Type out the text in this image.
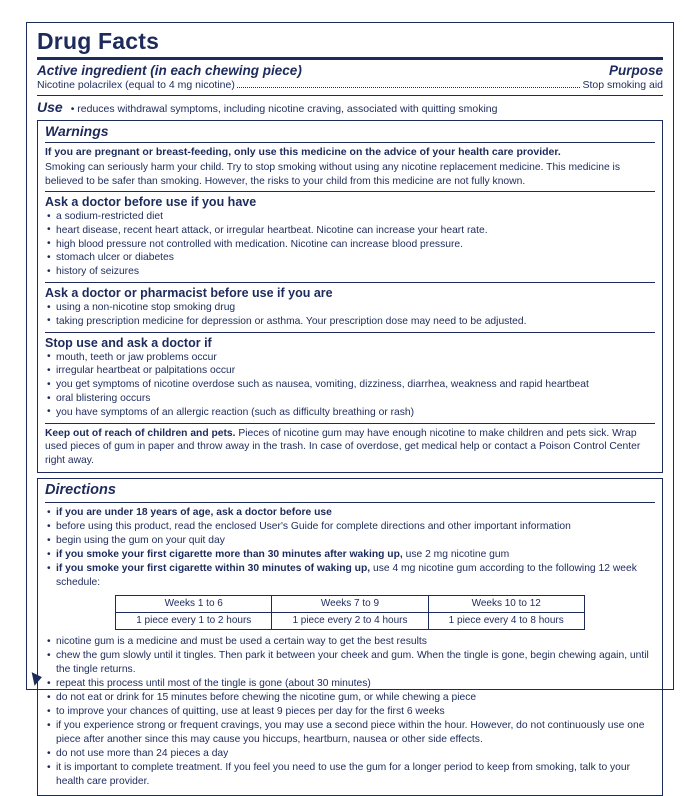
Drug Facts
Active ingredient (in each chewing piece)	Purpose
Nicotine polacrilex (equal to 4 mg nicotine)	Stop smoking aid
Use • reduces withdrawal symptoms, including nicotine craving, associated with quitting smoking
Warnings
If you are pregnant or breast-feeding, only use this medicine on the advice of your health care provider.
Smoking can seriously harm your child. Try to stop smoking without using any nicotine replacement medicine. This medicine is believed to be safer than smoking. However, the risks to your child from this medicine are not fully known.
Ask a doctor before use if you have
• a sodium-restricted diet
• heart disease, recent heart attack, or irregular heartbeat. Nicotine can increase your heart rate.
• high blood pressure not controlled with medication. Nicotine can increase blood pressure.
• stomach ulcer or diabetes
• history of seizures
Ask a doctor or pharmacist before use if you are
• using a non-nicotine stop smoking drug
• taking prescription medicine for depression or asthma. Your prescription dose may need to be adjusted.
Stop use and ask a doctor if
• mouth, teeth or jaw problems occur
• irregular heartbeat or palpitations occur
• you get symptoms of nicotine overdose such as nausea, vomiting, dizziness, diarrhea, weakness and rapid heartbeat
• oral blistering occurs
• you have symptoms of an allergic reaction (such as difficulty breathing or rash)
Keep out of reach of children and pets. Pieces of nicotine gum may have enough nicotine to make children and pets sick. Wrap used pieces of gum in paper and throw away in the trash. In case of overdose, get medical help or contact a Poison Control Center right away.
Directions
• if you are under 18 years of age, ask a doctor before use
• before using this product, read the enclosed User's Guide for complete directions and other important information
• begin using the gum on your quit day
• if you smoke your first cigarette more than 30 minutes after waking up, use 2 mg nicotine gum
• if you smoke your first cigarette within 30 minutes of waking up, use 4 mg nicotine gum according to the following 12 week schedule:
Weeks 1 to 6	Weeks 7 to 9	Weeks 10 to 12
1 piece every 1 to 2 hours	1 piece every 2 to 4 hours	1 piece every 4 to 8 hours
• nicotine gum is a medicine and must be used a certain way to get the best results
• chew the gum slowly until it tingles. Then park it between your cheek and gum. When the tingle is gone, begin chewing again, until the tingle returns.
• repeat this process until most of the tingle is gone (about 30 minutes)
• do not eat or drink for 15 minutes before chewing the nicotine gum, or while chewing a piece
• to improve your chances of quitting, use at least 9 pieces per day for the first 6 weeks
• if you experience strong or frequent cravings, you may use a second piece within the hour. However, do not continuously use one piece after another since this may cause you hiccups, heartburn, nausea or other side effects.
• do not use more than 24 pieces a day
• it is important to complete treatment. If you feel you need to use the gum for a longer period to keep from smoking, talk to your health care provider.
